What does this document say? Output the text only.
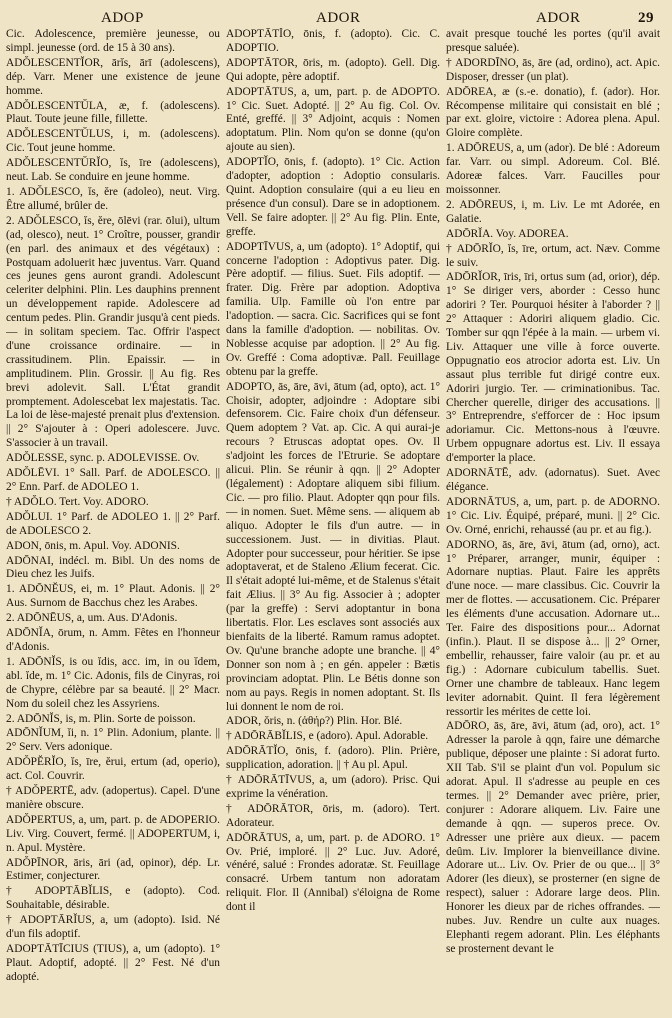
ADOP	ADOR	ADOR	29

Cic. Adolescence, première jeunesse, ou simpl. jeunesse (ord. de 15 à 30 ans).

ADŎLESCENTĬOR, ārĭs, ārī (adolescens), dép. Varr. Mener une existence de jeune homme.

ADŎLESCENTŬLA, æ, f. (adolescens). Plaut. Toute jeune fille, fillette.

ADŎLESCENTŬLUS, i, m. (adolescens). Cic. Tout jeune homme.

ADŎLESCENTŬRĬO, ĭs, īre (adolescens), neut. Lab. Se conduire en jeune homme.

1. ADŎLESCO, ĭs, ĕre (adoleo), neut. Virg. Être allumé, brûler de.

2. ADŎLESCO, ĭs, ĕre, ōlēvi (rar. ōlui), ultum (ad, olesco), neut. 1° Croître, pousser, grandir (en parl. des animaux et des végétaux) : Postquam adoluerit hæc juventus. Varr. Quand ces jeunes gens auront grandi. Adolescunt celeriter delphini. Plin. Les dauphins prennent un développement rapide. Adolescere ad centum pedes. Plin. Grandir jusqu'à cent pieds. — in solitam speciem. Tac. Offrir l'aspect d'une croissance ordinaire. — in crassitudinem. Plin. Epaissir. — in amplitudinem. Plin. Grossir. || Au fig. Res brevi adolevit. Sall. L'État grandit promptement. Adolescebat lex majestatis. Tac. La loi de lèse-majesté prenait plus d'extension. || 2° S'ajouter à : Operi adolescere. Juvc. S'associer à un travail.

ADŎLESSE, sync. p. ADOLEVISSE. Ov.

ADŎLĒVI. 1° Sall. Parf. de ADOLESCO. || 2° Enn. Parf. de ADOLEO 1.

† ADŎLO. Tert. Voy. ADORO.

ADŎLUI. 1° Parf. de ADOLEO 1. || 2° Parf. de ADOLESCO 2.

ADON, ōnis, m. Apul. Voy. ADONIS.

ADŌNAI, indécl. m. Bibl. Un des noms de Dieu chez les Juifs.

1. ADŌNĔUS, ei, m. 1° Plaut. Adonis. || 2° Aus. Surnom de Bacchus chez les Arabes.

2. ADŌNĒUS, a, um. Aus. D'Adonis.

ADŌNĬA, ōrum, n. Amm. Fêtes en l'honneur d'Adonis.

1. ADŌNĬS, is ou ĭdis, acc. im, in ou ĭdem, abl. ĭde, m. 1° Cic. Adonis, fils de Cinyras, roi de Chypre, célèbre par sa beauté. || 2° Macr. Nom du soleil chez les Assyriens.

2. ADŌNĬS, is, m. Plin. Sorte de poisson.

ADŌNĬUM, ĭi, n. 1° Plin. Adonium, plante. || 2° Serv. Vers adonique.

ADŎPĔRĬO, ĭs, īre, ĕrui, ertum (ad, operio), act. Col. Couvrir.

† ADŎPERTĒ, adv. (adopertus). Capel. D'une manière obscure.

ADŎPERTUS, a, um, part. p. de ADOPERIO. Liv. Virg. Couvert, fermé. || ADOPERTUM, i, n. Apul. Mystère.

ADŎPĪNOR, āris, āri (ad, opinor), dép. Lr. Estimer, conjecturer.

† ADOPTĀBĬLIS, e (adopto). Cod. Souhaitable, désirable.

† ADOPTĀRĬUS, a, um (adopto). Isid. Né d'un fils adoptif.

ADOPTĀTĪCIUS (TIUS), a, um (adopto). 1° Plaut. Adoptif, adopté. || 2° Fest. Né d'un adopté.

ADOPTĀTĬO, ōnis, f. (adopto). Cic. C. ADOPTIO.

ADOPTĀTOR, ōris, m. (adopto). Gell. Dig. Qui adopte, père adoptif.

ADOPTĀTUS, a, um, part. p. de ADOPTO. 1° Cic. Suet. Adopté. || 2° Au fig. Col. Ov. Enté, greffé. || 3° Adjoint, acquis : Nomen adoptatum. Plin. Nom qu'on se donne (qu'on ajoute au sien).

ADOPTĬO, ōnis, f. (adopto). 1° Cic. Action d'adopter, adoption : Adoptio consularis. Quint. Adoption consulaire (qui a eu lieu en présence d'un consul). Dare se in adoptionem. Vell. Se faire adopter. || 2° Au fig. Plin. Ente, greffe.

ADOPTĪVUS, a, um (adopto). 1° Adoptif, qui concerne l'adoption : Adoptivus pater. Dig. Père adoptif. — filius. Suet. Fils adoptif. — frater. Dig. Frère par adoption. Adoptiva familia. Ulp. Famille où l'on entre par l'adoption. — sacra. Cic. Sacrifices qui se font dans la famille d'adoption. — nobilitas. Ov. Noblesse acquise par adoption. || 2° Au fig. Ov. Greffé : Coma adoptivæ. Pall. Feuillage obtenu par la greffe.

ADOPTO, ās, āre, āvi, ātum (ad, opto), act. 1° Choisir, adopter, adjoindre : Adoptare sibi defensorem. Cic. Faire choix d'un défenseur. Quem adoptem ? Vat. ap. Cic. A qui aurai-je recours ? Etruscas adoptat opes. Ov. Il s'adjoint les forces de l'Etrurie. Se adoptare alicui. Plin. Se réunir à qqn. || 2° Adopter (légalement) : Adoptare aliquem sibi filium. Cic. — pro filio. Plaut. Adopter qqn pour fils. — in nomen. Suet. Même sens. — aliquem ab aliquo. Adopter le fils d'un autre. — in successionem. Just. — in divitias. Plaut. Adopter pour successeur, pour héritier. Se ipse adoptaverat, et de Staleno Ælium fecerat. Cic. Il s'était adopté lui-même, et de Stalenus s'était fait Ælius. || 3° Au fig. Associer à ; adopter (par la greffe) : Servi adoptantur in bona libertatis. Flor. Les esclaves sont associés aux bienfaits de la liberté. Ramum ramus adoptet. Ov. Qu'une branche adopte une branche. || 4° Donner son nom à ; en gén. appeler : Bætis provinciam adoptat. Plin. Le Bétis donne son nom au pays. Regis in nomen adoptant. St. Ils lui donnent le nom de roi.

ADOR, ŏris, n. (ἀθήρ?) Plin. Hor. Blé.

† ADŌRĀBĬLIS, e (adoro). Apul. Adorable.

ADŌRĀTĬO, ōnis, f. (adoro). Plin. Prière, supplication, adoration. || † Au pl. Apul.

† ADŌRĀTĪVUS, a, um (adoro). Prisc. Qui exprime la vénération.

† ADŌRĀTOR, ōris, m. (adoro). Tert. Adorateur.

ADŌRĀTUS, a, um, part. p. de ADORO. 1° Ov. Prié, imploré. || 2° Luc. Juv. Adoré, vénéré, salué : Frondes adoratæ. St. Feuillage consacré. Urbem tantum non adoratam reliquit. Flor. Il (Annibal) s'éloigna de Rome dont il

avait presque touché les portes (qu'il avait presque saluée).

† ADORDĪNO, ās, āre (ad, ordino), act. Apic. Disposer, dresser (un plat).

ADŌREA, æ (s.-e. donatio), f. (ador). Hor. Récompense militaire qui consistait en blé ; par ext. gloire, victoire : Adorea plena. Apul. Gloire complète.

1. ADŌREUS, a, um (ador). De blé : Adoreum far. Varr. ou simpl. Adoreum. Col. Blé. Adoreæ falces. Varr. Faucilles pour moissonner.

2. ADŌREUS, i, m. Liv. Le mt Adorée, en Galatie.

ADŌRĬA. Voy. ADOREA.

† ADŌRĬO, ĭs, īre, ortum, act. Næv. Comme le suiv.

ADŌRĬOR, īris, īri, ortus sum (ad, orior), dép. 1° Se diriger vers, aborder : Cesso hunc adoriri ? Ter. Pourquoi hésiter à l'aborder ? || 2° Attaquer : Adoriri aliquem gladio. Cic. Tomber sur qqn l'épée à la main. — urbem vi. Liv. Attaquer une ville à force ouverte. Oppugnatio eos atrocior adorta est. Liv. Un assaut plus terrible fut dirigé contre eux. Adoriri jurgio. Ter. — criminationibus. Tac. Chercher querelle, diriger des accusations. || 3° Entreprendre, s'efforcer de : Hoc ipsum adoriamur. Cic. Mettons-nous à l'œuvre. Urbem oppugnare adortus est. Liv. Il essaya d'emporter la place.

ADORNĀTĒ, adv. (adornatus). Suet. Avec élégance.

ADORNĀTUS, a, um, part. p. de ADORNO. 1° Cic. Liv. Équipé, préparé, muni. || 2° Cic. Ov. Orné, enrichi, rehaussé (au pr. et au fig.).

ADORNO, ās, āre, āvi, ātum (ad, orno), act. 1° Préparer, arranger, munir, équiper : Adornare nuptias. Plaut. Faire les apprêts d'une noce. — mare classibus. Cic. Couvrir la mer de flottes. — accusationem. Cic. Préparer les éléments d'une accusation. Adornare ut... Ter. Faire des dispositions pour... Adornat (infin.). Plaut. Il se dispose à... || 2° Orner, embellir, rehausser, faire valoir (au pr. et au fig.) : Adornare cubiculum tabellis. Suet. Orner une chambre de tableaux. Hanc legem leviter adornabit. Quint. Il fera légèrement ressortir les mérites de cette loi.

ADŌRO, ās, āre, āvi, ātum (ad, oro), act. 1° Adresser la parole à qqn, faire une démarche publique, déposer une plainte : Si adorat furto. XII Tab. S'il se plaint d'un vol. Populum sic adorat. Apul. Il s'adresse au peuple en ces termes. || 2° Demander avec prière, prier, conjurer : Adorare aliquem. Liv. Faire une demande à qqn. — superos prece. Ov. Adresser une prière aux dieux. — pacem deûm. Liv. Implorer la bienveillance divine. Adorare ut... Liv. Ov. Prier de ou que... || 3° Adorer (les dieux), se prosterner (en signe de respect), saluer : Adorare large deos. Plin. Honorer les dieux par de riches offrandes. — nubes. Juv. Rendre un culte aux nuages. Elephanti regem adorant. Plin. Les éléphants se prosternent devant le
